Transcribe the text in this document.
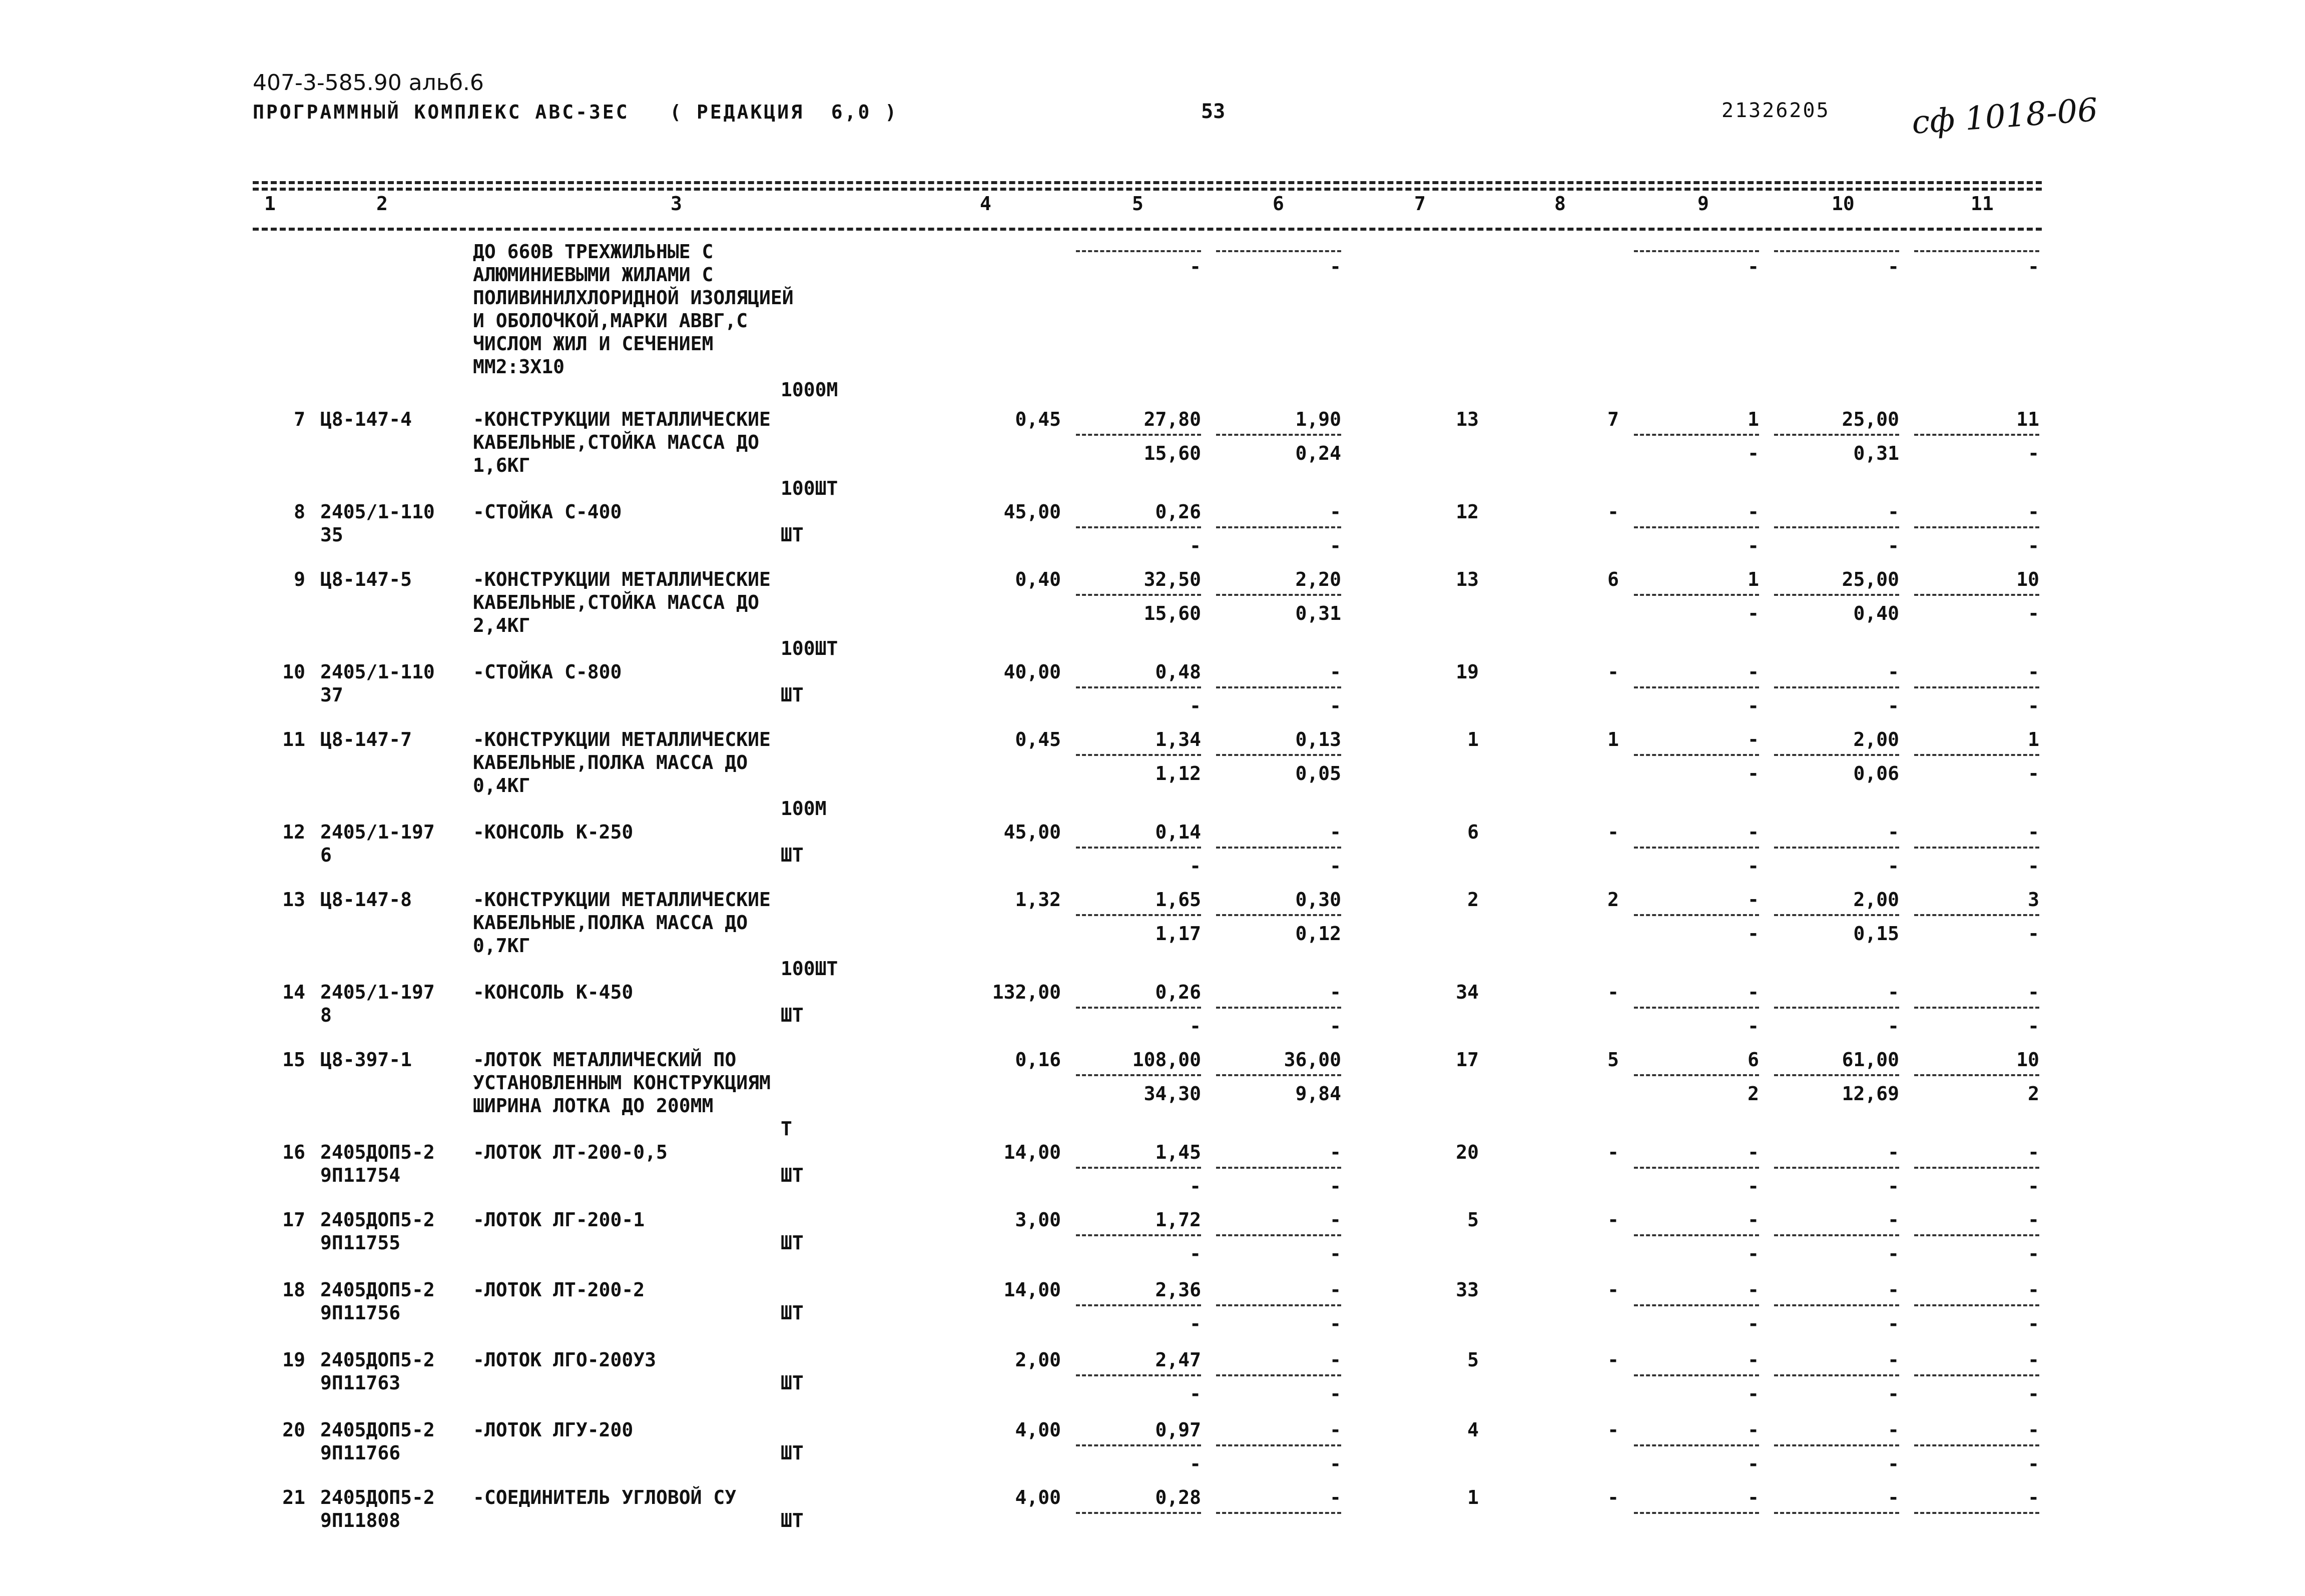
407-3-585.90 альб.6
ПРОГРАММНЫЙ КОМПЛЕКС АВС-3ЕС   ( РЕДАКЦИЯ  6,0 )	53	21326205	сф 1018-06
1	2	3	4	5	6	7	8	9	10	11
ДО 660В ТРЕХЖИЛЬНЫЕ С
АЛЮМИНИЕВЫМИ ЖИЛАМИ С
ПОЛИВИНИЛХЛОРИДНОЙ ИЗОЛЯЦИЕЙ
И ОБОЛОЧКОЙ,МАРКИ АВВГ,С
ЧИСЛОМ ЖИЛ И СЕЧЕНИЕМ
ММ2:3Х10
1000М
-	-	-	-	-
7 Ц8-147-4	-КОНСТРУКЦИИ МЕТАЛЛИЧЕСКИЕ
КАБЕЛЬНЫЕ,СТОЙКА МАССА ДО
1,6КГ
100ШТ
0,45	27,80	1,90	13	7	1	25,00	11
15,60	0,24	-	0,31	-
8 2405/1-110
35
-СТОЙКА С-400
ШТ
45,00	0,26	-	12	-	-	-	-
-	-	-	-	-
9 Ц8-147-5	-КОНСТРУКЦИИ МЕТАЛЛИЧЕСКИЕ
КАБЕЛЬНЫЕ,СТОЙКА МАССА ДО
2,4КГ
100ШТ
0,40	32,50	2,20	13	6	1	25,00	10
15,60	0,31	-	0,40	-
10 2405/1-110
37
-СТОЙКА С-800
ШТ
40,00	0,48	-	19	-	-	-	-
-	-	-	-	-
11 Ц8-147-7	-КОНСТРУКЦИИ МЕТАЛЛИЧЕСКИЕ
КАБЕЛЬНЫЕ,ПОЛКА МАССА ДО
0,4КГ
100М
0,45	1,34	0,13	1	1	-	2,00	1
1,12	0,05	-	0,06	-
12 2405/1-197
6
-КОНСОЛЬ К-250
ШТ
45,00	0,14	-	6	-	-	-	-
-	-	-	-	-
13 Ц8-147-8	-КОНСТРУКЦИИ МЕТАЛЛИЧЕСКИЕ
КАБЕЛЬНЫЕ,ПОЛКА МАССА ДО
0,7КГ
100ШТ
1,32	1,65	0,30	2	2	-	2,00	3
1,17	0,12	-	0,15	-
14 2405/1-197
8
-КОНСОЛЬ К-450
ШТ
132,00	0,26	-	34	-	-	-	-
-	-	-	-	-
15 Ц8-397-1	-ЛОТОК МЕТАЛЛИЧЕСКИЙ ПО
УСТАНОВЛЕННЫМ КОНСТРУКЦИЯМ
ШИРИНА ЛОТКА ДО 200ММ
Т
0,16	108,00	36,00	17	5	6	61,00	10
34,30	9,84	2	12,69	2
16 2405ДОП5-2
9П11754
-ЛОТОК ЛТ-200-0,5
ШТ
14,00	1,45	-	20	-	-	-	-
-	-	-	-	-
17 2405ДОП5-2
9П11755
-ЛОТОК ЛГ-200-1
ШТ
3,00	1,72	-	5	-	-	-	-
-	-	-	-	-
18 2405ДОП5-2
9П11756
-ЛОТОК ЛТ-200-2
ШТ
14,00	2,36	-	33	-	-	-	-
-	-	-	-	-
19 2405ДОП5-2
9П11763
-ЛОТОК ЛГО-200У3
ШТ
2,00	2,47	-	5	-	-	-	-
-	-	-	-	-
20 2405ДОП5-2
9П11766
-ЛОТОК ЛГУ-200
ШТ
4,00	0,97	-	4	-	-	-	-
-	-	-	-	-
21 2405ДОП5-2
9П11808
-СОЕДИНИТЕЛЬ УГЛОВОЙ СУ
ШТ
4,00	0,28	-	1	-	-	-	-
